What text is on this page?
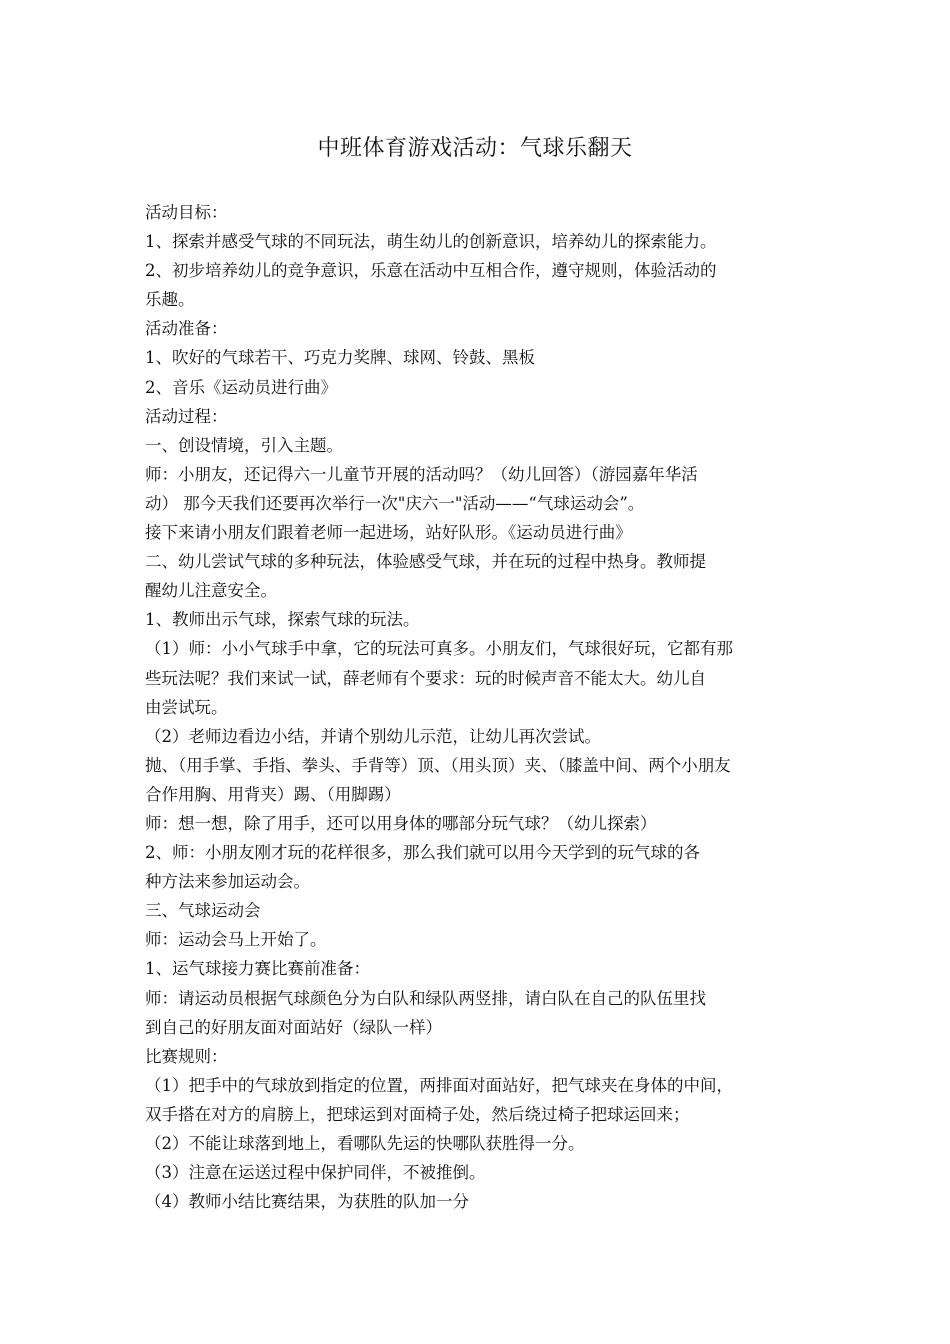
中班体育游戏活动：气球乐翻天

活动目标：

1、探索并感受气球的不同玩法，萌生幼儿的创新意识，培养幼儿的探索能力。

2、初步培养幼儿的竞争意识，乐意在活动中互相合作，遵守规则，体验活动的

乐趣。

活动准备：

1、吹好的气球若干、巧克力奖牌、球网、铃鼓、黑板

2、音乐《运动员进行曲》

活动过程：

一、创设情境，引入主题。

师：小朋友，还记得六一儿童节开展的活动吗？（幼儿回答）（游园嘉年华活

动） 那今天我们还要再次举行一次"庆六一"活动——“气球运动会”。

接下来请小朋友们跟着老师一起进场，站好队形。《运动员进行曲》

二、幼儿尝试气球的多种玩法，体验感受气球，并在玩的过程中热身。教师提

醒幼儿注意安全。

1、教师出示气球，探索气球的玩法。

（1）师：小小气球手中拿，它的玩法可真多。小朋友们，气球很好玩，它都有那

些玩法呢？我们来试一试，薛老师有个要求：玩的时候声音不能太大。幼儿自

由尝试玩。

（2）老师边看边小结，并请个别幼儿示范，让幼儿再次尝试。

抛、（用手掌、手指、拳头、手背等）顶、（用头顶）夹、（膝盖中间、两个小朋友

合作用胸、用背夹）踢、（用脚踢）

师：想一想，除了用手，还可以用身体的哪部分玩气球？（幼儿探索）

2、师：小朋友刚才玩的花样很多，那么我们就可以用今天学到的玩气球的各

种方法来参加运动会。

三、气球运动会

师：运动会马上开始了。

1、运气球接力赛比赛前准备：

师：请运动员根据气球颜色分为白队和绿队两竖排，请白队在自己的队伍里找

到自己的好朋友面对面站好（绿队一样）

比赛规则：

（1）把手中的气球放到指定的位置，两排面对面站好，把气球夹在身体的中间，

双手搭在对方的肩膀上，把球运到对面椅子处，然后绕过椅子把球运回来；

（2）不能让球落到地上，看哪队先运的快哪队获胜得一分。

（3）注意在运送过程中保护同伴，不被推倒。

（4）教师小结比赛结果，为获胜的队加一分
